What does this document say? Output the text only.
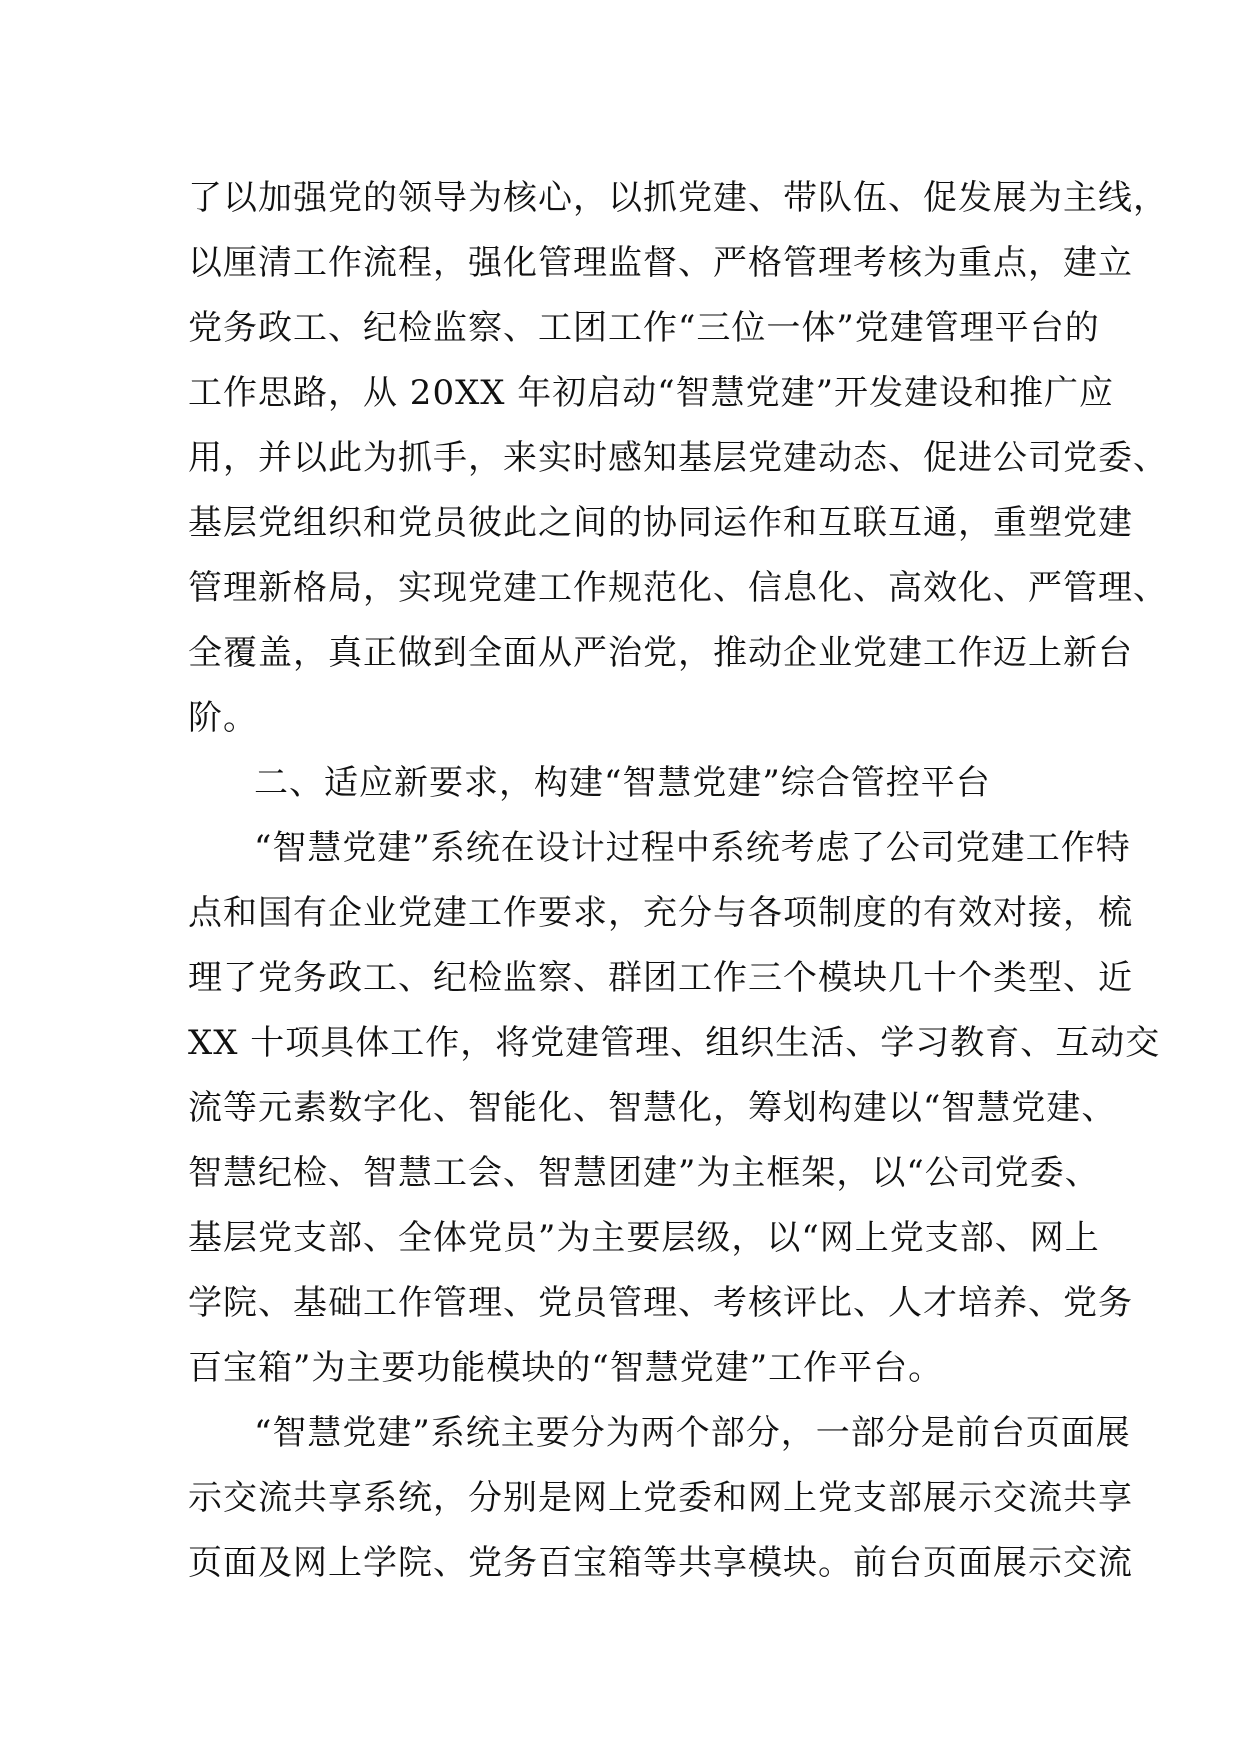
了以加强党的领导为核心，以抓党建、带队伍、促发展为主线，

以厘清工作流程，强化管理监督、严格管理考核为重点，建立

党务政工、纪检监察、工团工作“三位一体”党建管理平台的

工作思路，从 20XX 年初启动“智慧党建”开发建设和推广应

用，并以此为抓手，来实时感知基层党建动态、促进公司党委、

基层党组织和党员彼此之间的协同运作和互联互通，重塑党建

管理新格局，实现党建工作规范化、信息化、高效化、严管理、

全覆盖，真正做到全面从严治党，推动企业党建工作迈上新台

阶。

二、适应新要求，构建“智慧党建”综合管控平台

“智慧党建”系统在设计过程中系统考虑了公司党建工作特

点和国有企业党建工作要求，充分与各项制度的有效对接，梳

理了党务政工、纪检监察、群团工作三个模块几十个类型、近

XX 十项具体工作，将党建管理、组织生活、学习教育、互动交

流等元素数字化、智能化、智慧化，筹划构建以“智慧党建、

智慧纪检、智慧工会、智慧团建”为主框架，以“公司党委、

基层党支部、全体党员”为主要层级，以“网上党支部、网上

学院、基础工作管理、党员管理、考核评比、人才培养、党务

百宝箱”为主要功能模块的“智慧党建”工作平台。

“智慧党建”系统主要分为两个部分，一部分是前台页面展

示交流共享系统，分别是网上党委和网上党支部展示交流共享

页面及网上学院、党务百宝箱等共享模块。前台页面展示交流
